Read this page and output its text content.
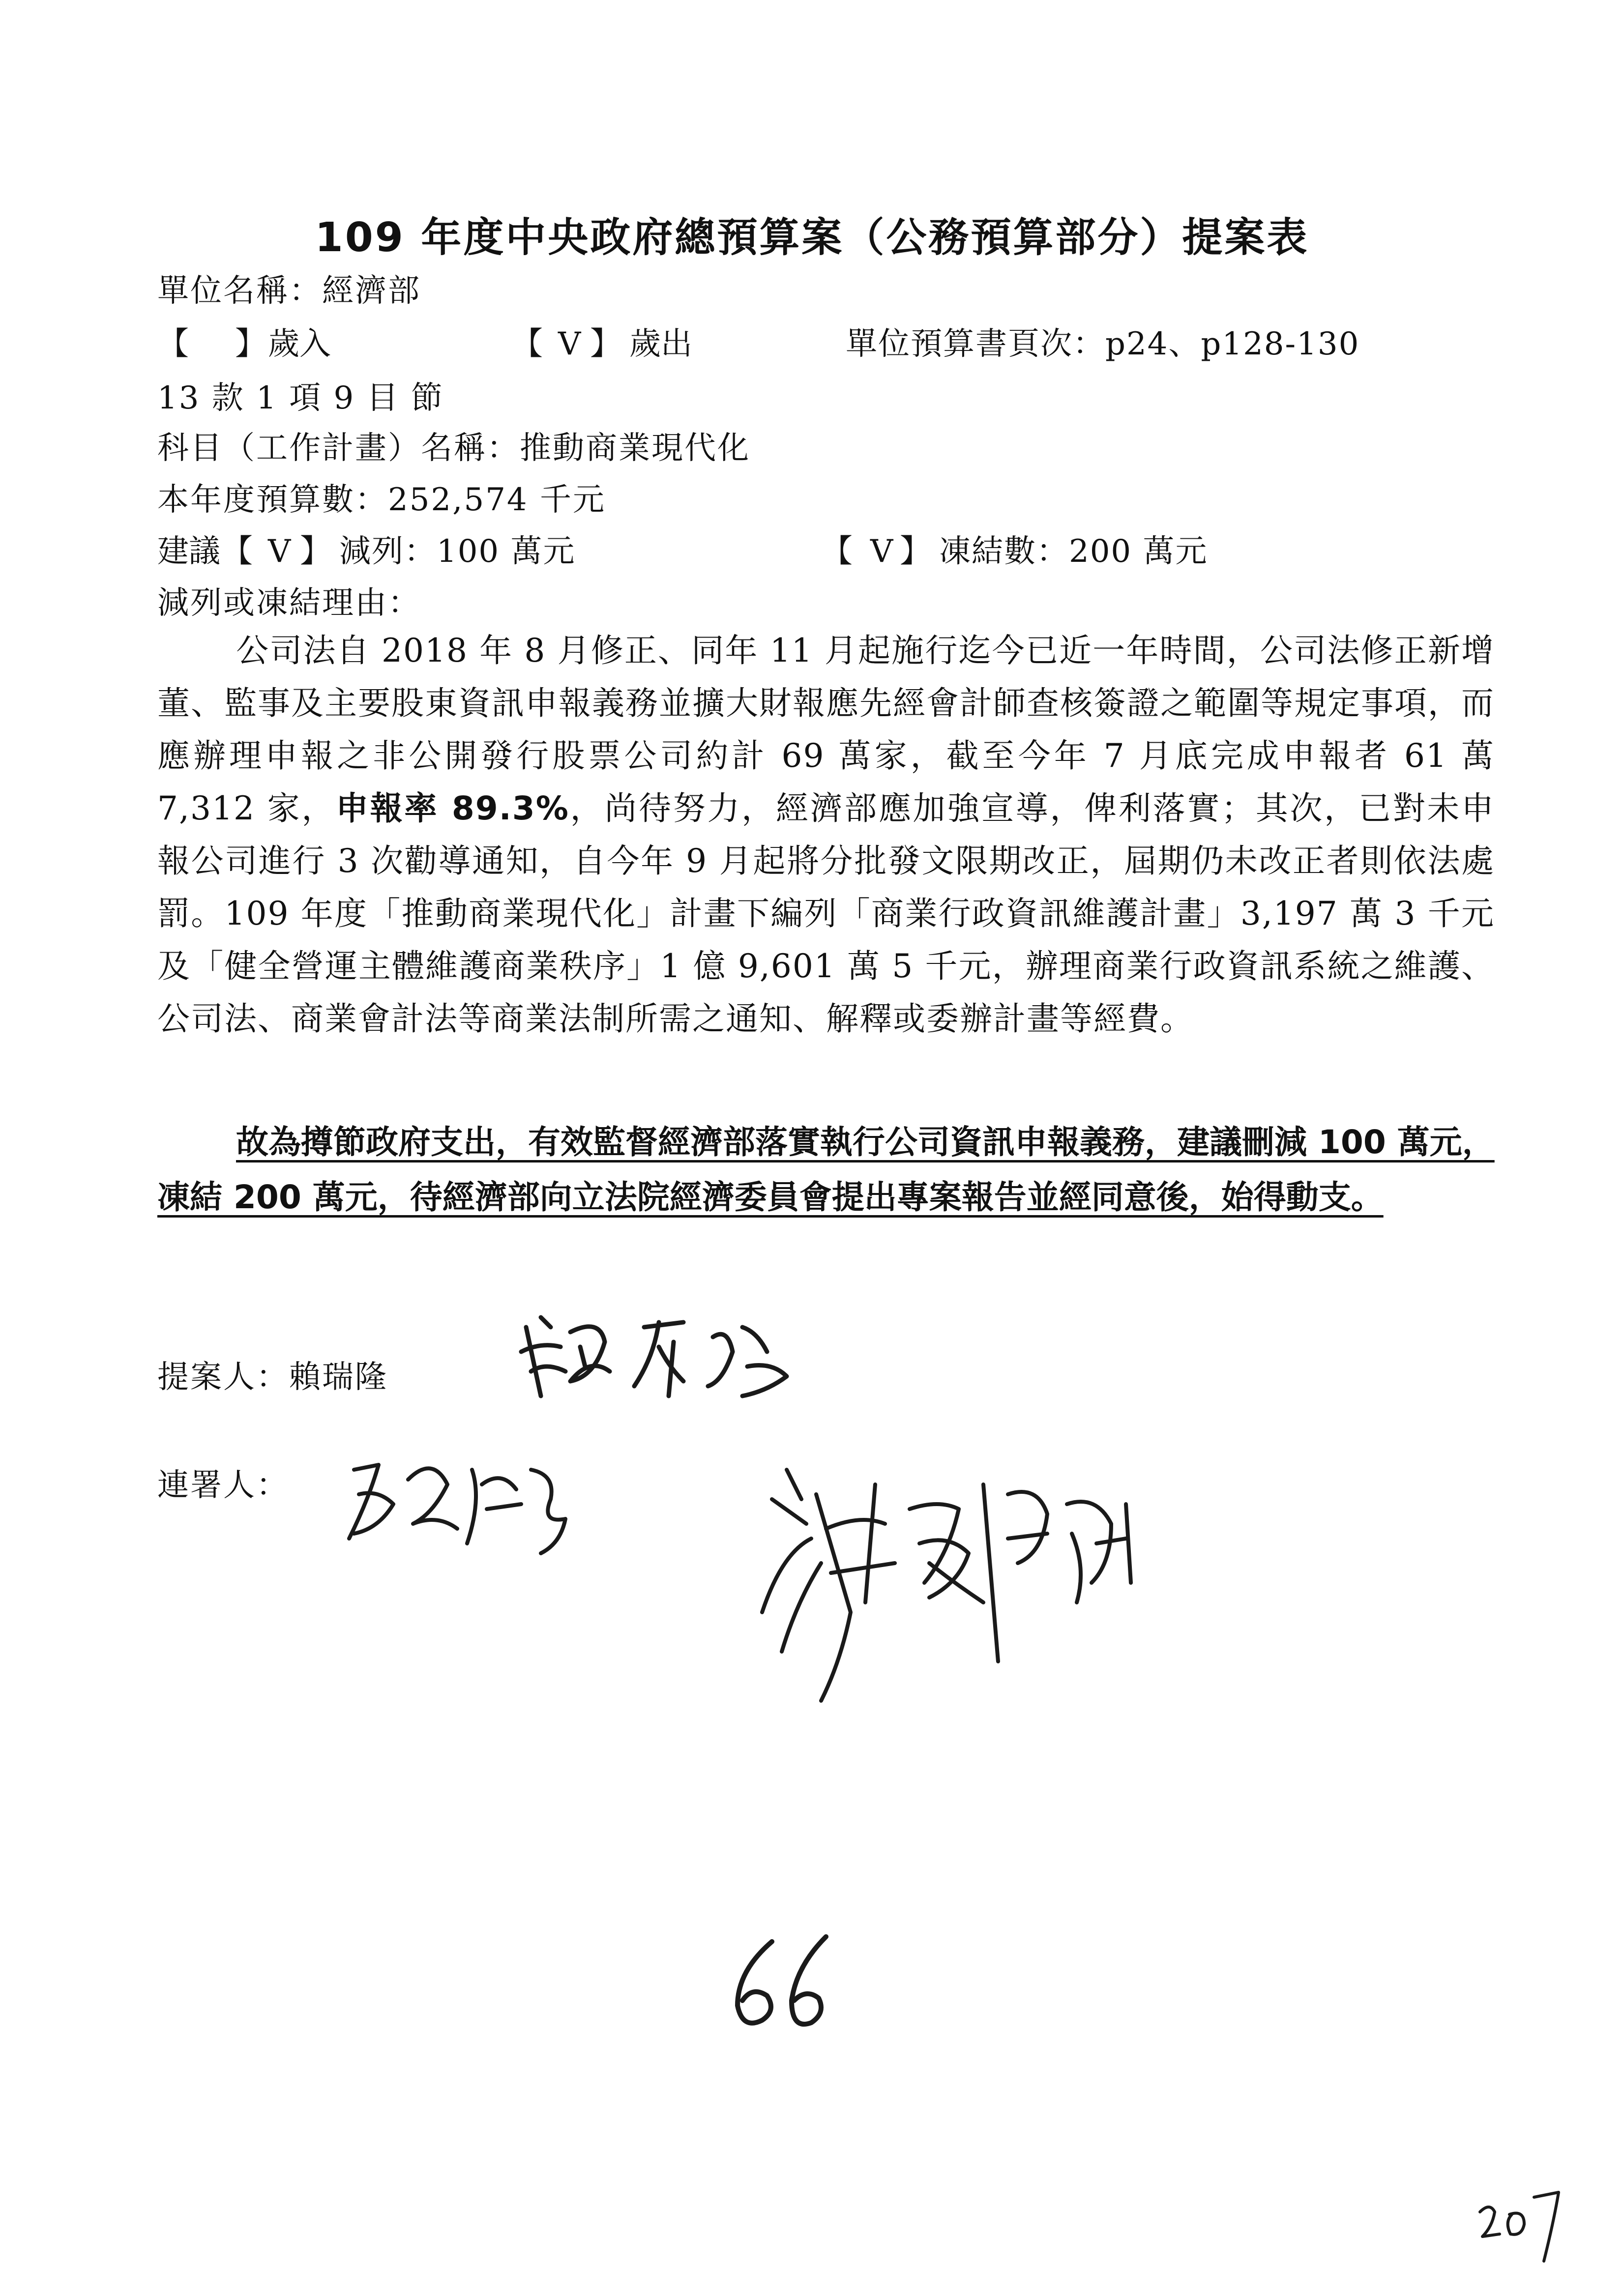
109 年度中央政府總預算案（公務預算部分）提案表
單位名稱：經濟部
【 】 歲入	【 V 】 歲出	單位預算書頁次：p24、p128-130
13 款 1 項 9 目 節
科目（工作計畫）名稱：推動商業現代化
本年度預算數：252,574 千元
建議 【 V 】 減列：100 萬元	【 V 】 凍結數：200 萬元
減列或凍結理由：
公司法自 2018 年 8 月修正、同年 11 月起施行迄今已近一年時間，公司法修正新增董、監事及主要股東資訊申報義務並擴大財報應先經會計師查核簽證之範圍等規定事項，而應辦理申報之非公開發行股票公司約計 69 萬家，截至今年 7 月底完成申報者 61 萬 7,312 家，申報率 89.3%，尚待努力，經濟部應加強宣導，俾利落實；其次，已對未申報公司進行 3 次勸導通知，自今年 9 月起將分批發文限期改正，屆期仍未改正者則依法處罰。109 年度「推動商業現代化」計畫下編列「商業行政資訊維護計畫」3,197 萬 3 千元及「健全營運主體維護商業秩序」1 億 9,601 萬 5 千元，辦理商業行政資訊系統之維護、公司法、商業會計法等商業法制所需之通知、解釋或委辦計畫等經費。
故為撙節政府支出，有效監督經濟部落實執行公司資訊申報義務，建議刪減 100 萬元，凍結 200 萬元，待經濟部向立法院經濟委員會提出專案報告並經同意後，始得動支。
提案人：賴瑞隆
連署人：
